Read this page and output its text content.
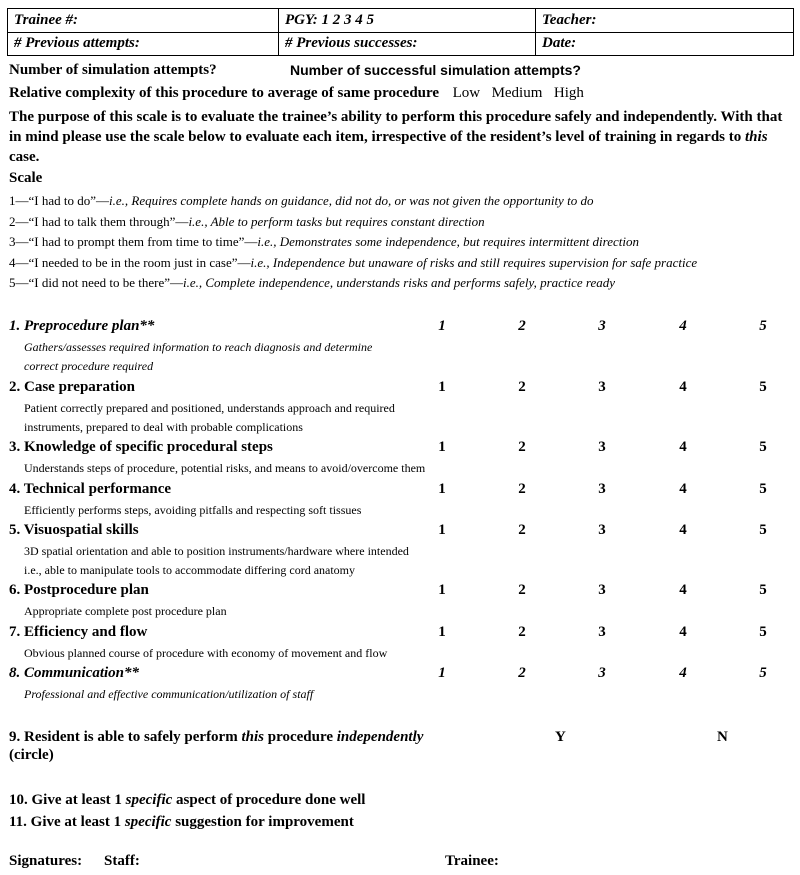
Trainee #:	PGY: 1 2 3 4 5	Teacher:
# Previous attempts:	# Previous successes:	Date:
Number of simulation attempts?	Number of successful simulation attempts?
Relative complexity of this procedure to average of same procedure Low Medium High
The purpose of this scale is to evaluate the trainee’s ability to perform this procedure safely and independently. With that in mind please use the scale below to evaluate each item, irrespective of the resident’s level of training in regards to this case.
Scale
1—“I had to do”—i.e., Requires complete hands on guidance, did not do, or was not given the opportunity to do
2—“I had to talk them through”—i.e., Able to perform tasks but requires constant direction
3—“I had to prompt them from time to time”—i.e., Demonstrates some independence, but requires intermittent direction
4—“I needed to be in the room just in case”—i.e., Independence but unaware of risks and still requires supervision for safe practice
5—“I did not need to be there”—i.e., Complete independence, understands risks and performs safely, practice ready
1. Preprocedure plan**
Gathers/assesses required information to reach diagnosis and determine
correct procedure required
1	2	3	4	5
2. Case preparation
Patient correctly prepared and positioned, understands approach and required
instruments, prepared to deal with probable complications
1	2	3	4	5
3. Knowledge of specific procedural steps
Understands steps of procedure, potential risks, and means to avoid/overcome them
1	2	3	4	5
4. Technical performance
Efficiently performs steps, avoiding pitfalls and respecting soft tissues
1	2	3	4	5
5. Visuospatial skills
3D spatial orientation and able to position instruments/hardware where intended
i.e., able to manipulate tools to accommodate differing cord anatomy
1	2	3	4	5
6. Postprocedure plan
Appropriate complete post procedure plan
1	2	3	4	5
7. Efficiency and flow
Obvious planned course of procedure with economy of movement and flow
1	2	3	4	5
8. Communication**
Professional and effective communication/utilization of staff
1	2	3	4	5
9. Resident is able to safely perform this procedure independently
(circle)
Y	N
10. Give at least 1 specific aspect of procedure done well
11. Give at least 1 specific suggestion for improvement
Signatures: Staff:	Trainee:
